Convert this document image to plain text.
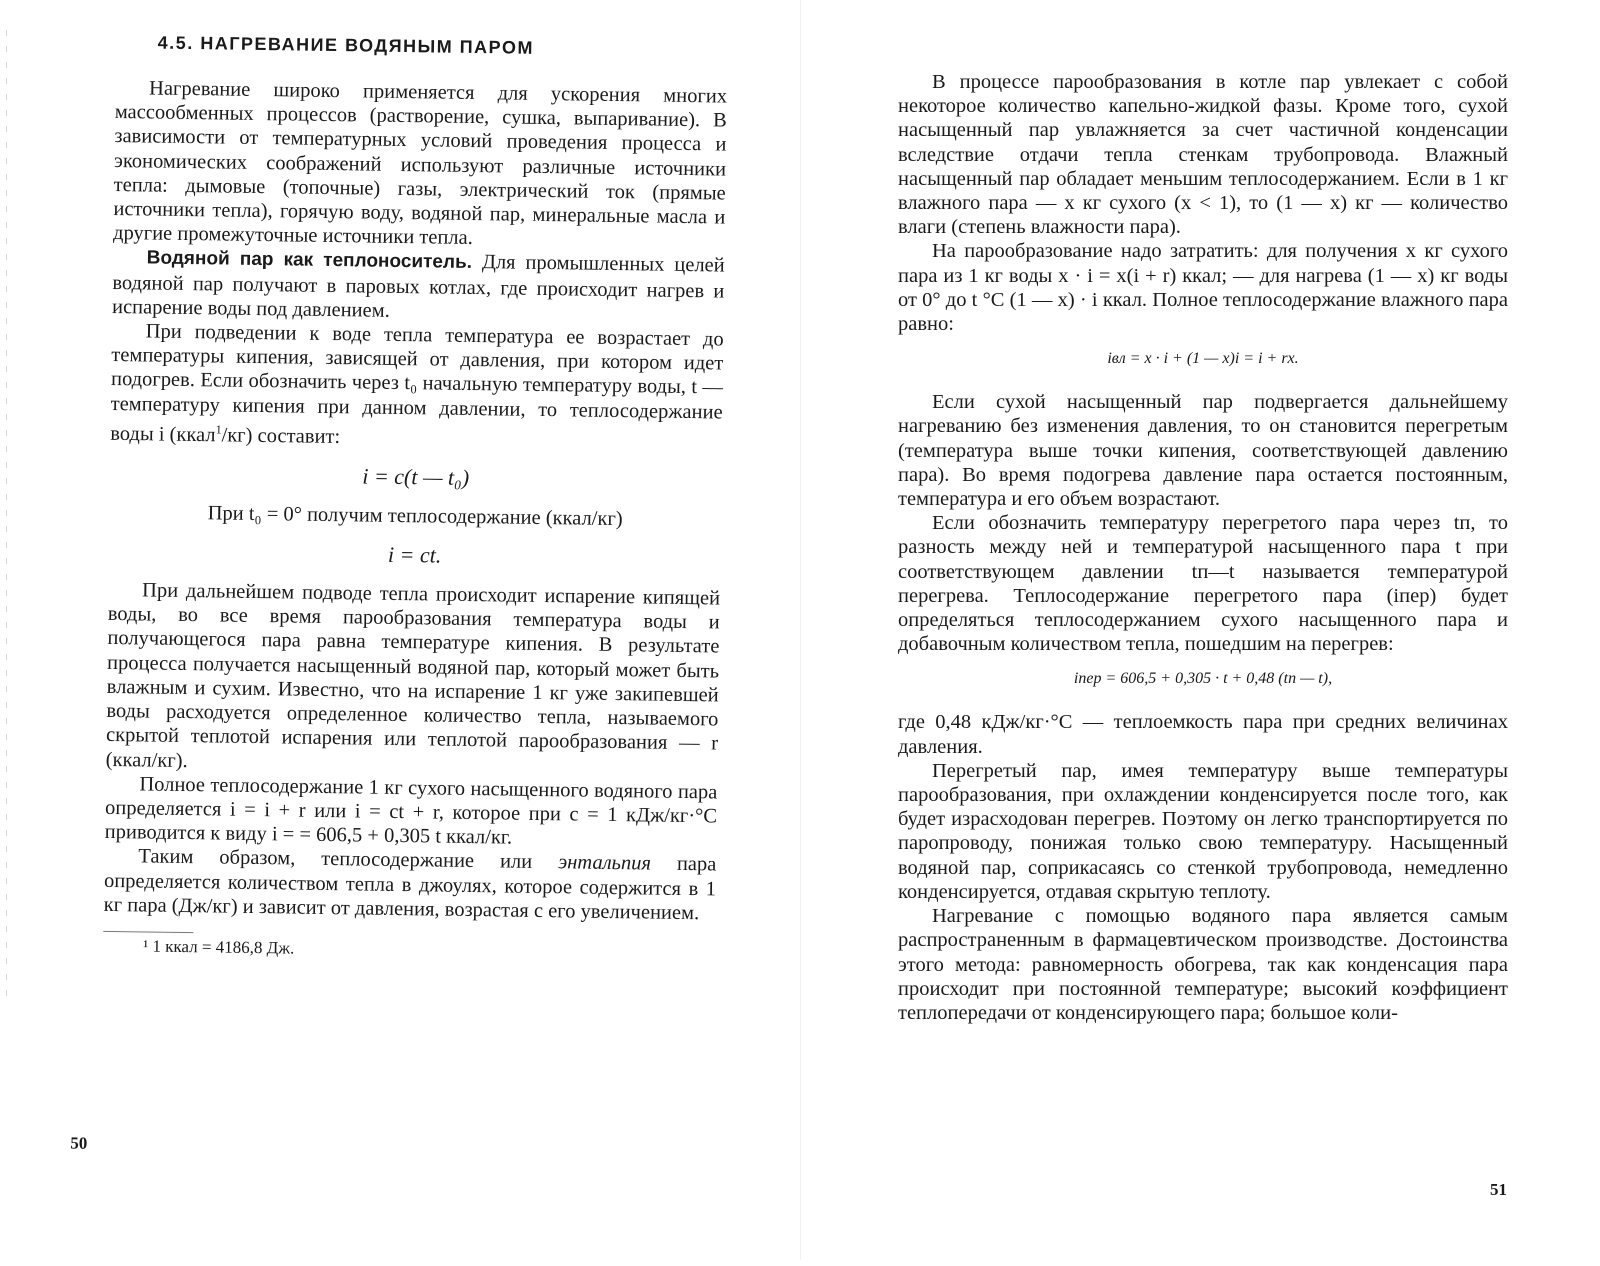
4.5. НАГРЕВАНИЕ ВОДЯНЫМ ПАРОМ

Нагревание широко применяется для ускорения многих массообменных процессов (растворение, сушка, выпаривание). В зависимости от температурных условий проведения процесса и экономических соображений используют различные источники тепла: дымовые (топочные) газы, электрический ток (прямые источники тепла), горячую воду, водяной пар, минеральные масла и другие промежуточные источники тепла.

Водяной пар как теплоноситель. Для промышленных целей водяной пар получают в паровых котлах, где происходит нагрев и испарение воды под давлением.

При подведении к воде тепла температура ее возрастает до температуры кипения, зависящей от давления, при котором идет подогрев. Если обозначить через t₀ начальную температуру воды, t — температуру кипения при данном давлении, то теплосодержание воды i (ккал$^1$/кг) составит:

i = c(t — t₀)

При t₀ = 0° получим теплосодержание (ккал/кг)

i = ct.

При дальнейшем подводе тепла происходит испарение кипящей воды, во все время парообразования температура воды и получающегося пара равна температуре кипения. В результате процесса получается насыщенный водяной пар, который может быть влажным и сухим. Известно, что на испарение 1 кг уже закипевшей воды расходуется определенное количество тепла, называемого скрытой теплотой испарения или теплотой парообразования — r (ккал/кг).

Полное теплосодержание 1 кг сухого насыщенного водяного пара определяется i = i + r или i = ct + r, которое при c = 1 кДж/кг·°С приводится к виду i = = 606,5 + 0,305 t ккал/кг.

Таким образом, теплосодержание или энтальпия пара определяется количеством тепла в джоулях, которое содержится в 1 кг пара (Дж/кг) и зависит от давления, возрастая с его увеличением.

¹ 1 ккал = 4186,8 Дж.
50

В процессе парообразования в котле пар увлекает с собой некоторое количество капельно-жидкой фазы. Кроме того, сухой насыщенный пар увлажняется за счет частичной конденсации вследствие отдачи тепла стенкам трубопровода. Влажный насыщенный пар обладает меньшим теплосодержанием. Если в 1 кг влажного пара — x кг сухого (x < 1), то (1 — x) кг — количество влаги (степень влажности пара).

На парообразование надо затратить: для получения x кг сухого пара из 1 кг воды x · i = x(i + r) ккал; — для нагрева (1 — x) кг воды от 0° до t °С (1 — x) · i ккал. Полное теплосодержание влажного пара равно:

iвл = x · i + (1 — x)i = i + rx.

Если сухой насыщенный пар подвергается дальнейшему нагреванию без изменения давления, то он становится перегретым (температура выше точки кипения, соответствующей давлению пара). Во время подогрева давление пара остается постоянным, температура и его объем возрастают.

Если обозначить температуру перегретого пара через tп, то разность между ней и температурой насыщенного пара t при соответствующем давлении tп—t называется температурой перегрева. Теплосодержание перегретого пара (iпер) будет определяться теплосодержанием сухого насыщенного пара и добавочным количеством тепла, пошедшим на перегрев:

iпер = 606,5 + 0,305 · t + 0,48 (tп — t),

где 0,48 кДж/кг·°С — теплоемкость пара при средних величинах давления.

Перегретый пар, имея температуру выше температуры парообразования, при охлаждении конденсируется после того, как будет израсходован перегрев. Поэтому он легко транспортируется по паропроводу, понижая только свою температуру. Насыщенный водяной пар, соприкасаясь со стенкой трубопровода, немедленно конденсируется, отдавая скрытую теплоту.

Нагревание с помощью водяного пара является самым распространенным в фармацевтическом производстве. Достоинства этого метода: равномерность обогрева, так как конденсация пара происходит при постоянной температуре; высокий коэффициент теплопередачи от конденсирующего пара; большое коли-

51
